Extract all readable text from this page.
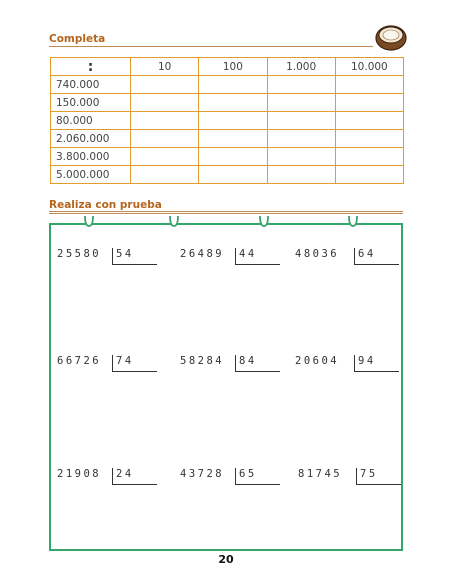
Completa
:	10	100	1.000	10.000
740.000				
150.000				
80.000				
2.060.000				
3.800.000				
5.000.000				
Realiza con prueba
25580	54	26489	44	48036	64
66726	74	58284	84	20604	94
21908	24	43728	65	81745	75
20
